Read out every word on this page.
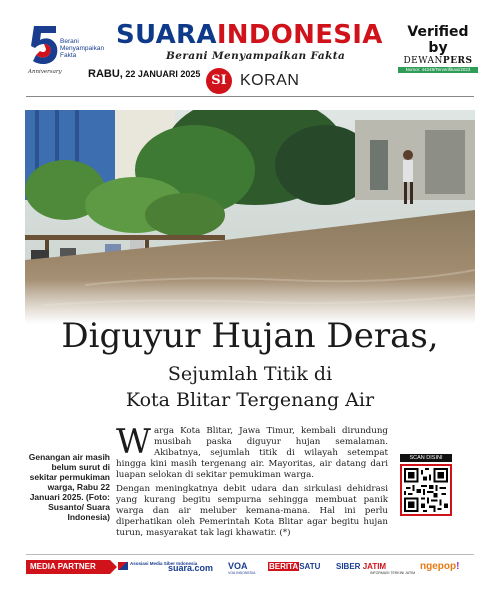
Berani Menyampaikan Fakta
Anniversary
SUARAINDONESIA
Berani Menyampaikan Fakta
Verified by
DEWANPERS
Nomor: 44249/Terverifikasi/2023
RABU, 22 JANUARI 2025 SI KORAN
Diguyur Hujan Deras,
Sejumlah Titik di
Kota Blitar Tergenang Air
Genangan air masih belum surut di sekitar permukiman warga, Rabu 22 Januari 2025. (Foto: Susanto/ Suara Indonesia)

Warga Kota Blitar, Jawa Timur, kembali dirundung musibah paska diguyur hujan semalaman. Akibatnya, sejumlah titik di wilayah setempat hingga kini masih tergenang air. Mayoritas, air datang dari luapan selokan di sekitar pemukiman warga.

Dengan meningkatnya debit udara dan sirkulasi dehidrasi yang kurang begitu sempurna sehingga membuat panik warga dan air meluber kemana-mana. Hal ini perlu diperhatikan oleh Pemerintah Kota Blitar agar begitu hujan turun, masyarakat tak lagi khawatir. (*)

SCAN DISINI
MEDIA PARTNER	Asosiasi Media Siber Indonesia
suara.com VOA
VOA INDONESIA
BERITASATU SIBER JATIM
INFORMASI TERKINI JATIM
ngepop!
